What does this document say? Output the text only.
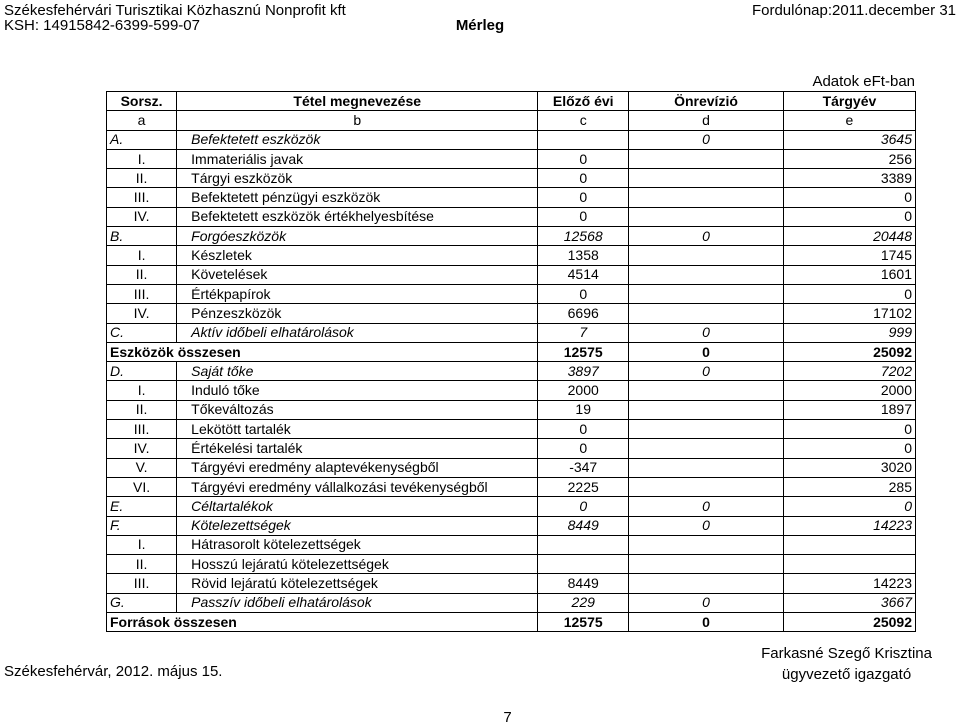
Székesfehérvári Turisztikai Közhasznú Nonprofit kft
KSH: 14915842-6399-599-07	Mérleg
Fordulónap:2011.december 31
Adatok eFt-ban
Sorsz.	Tétel megnevezése	Előző évi	Önrevízió	Tárgyév
a	b	c	d	e
A.	Befektetett eszközök		0	3645
I.	Immateriális javak	0		256
II.	Tárgyi eszközök	0		3389
III.	Befektetett pénzügyi eszközök	0		0
IV.	Befektetett eszközök értékhelyesbítése	0		0
B.	Forgóeszközök	12568	0	20448
I.	Készletek	1358		1745
II.	Követelések	4514		1601
III.	Értékpapírok	0		0
IV.	Pénzeszközök	6696		17102
C.	Aktív időbeli elhatárolások	7	0	999
Eszközök összesen		12575	0	25092
D.	Saját tőke	3897	0	7202
I.	Induló tőke	2000		2000
II.	Tőkeváltozás	19		1897
III.	Lekötött tartalék	0		0
IV.	Értékelési tartalék	0		0
V.	Tárgyévi eredmény alaptevékenységből	-347		3020
VI.	Tárgyévi eredmény vállalkozási tevékenységből	2225		285
E.	Céltartalékok	0	0	0
F.	Kötelezettségek	8449	0	14223
I.	Hátrasorolt kötelezettségek			
II.	Hosszú lejáratú kötelezettségek			
III.	Rövid lejáratú kötelezettségek	8449		14223
G.	Passzív időbeli elhatárolások	229	0	3667
Források összesen		12575	0	25092
Székesfehérvár, 2012. május 15.
Farkasné Szegő Krisztina
ügyvezető igazgató
7
